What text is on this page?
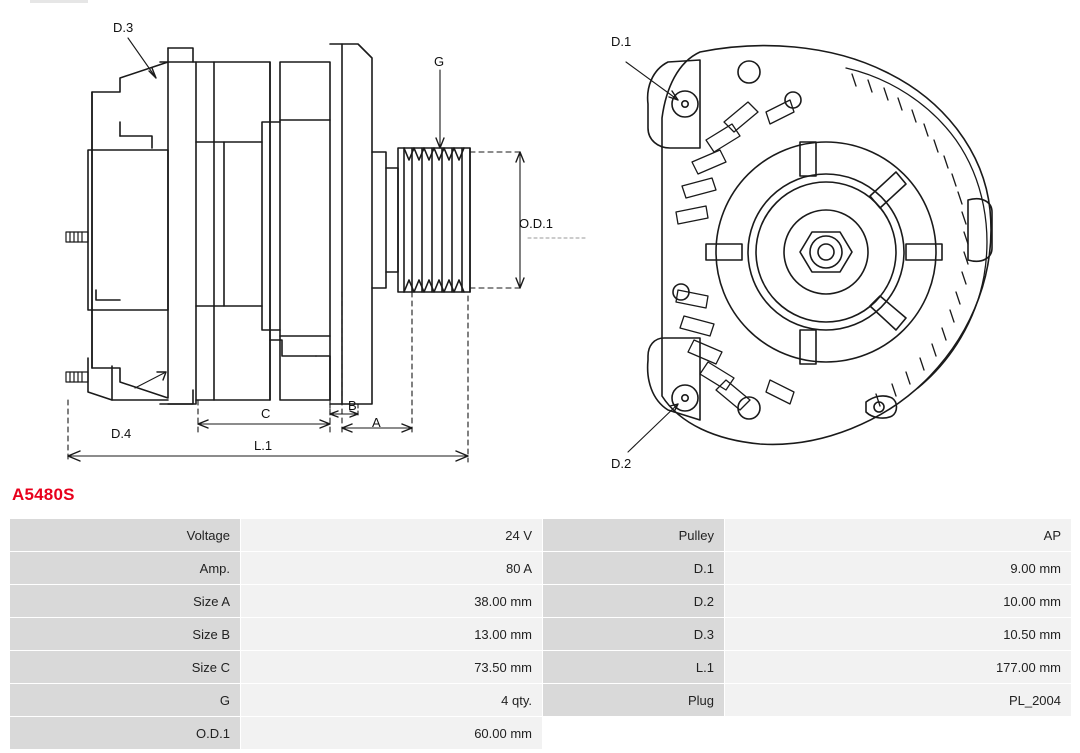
D.3
G
O.D.1
D.4
C
B
A
L.1
D.1
D.2
A5480S
Voltage	24 V	Pulley	AP
Amp.	80 A	D.1	9.00 mm
Size A	38.00 mm	D.2	10.00 mm
Size B	13.00 mm	D.3	10.50 mm
Size C	73.50 mm	L.1	177.00 mm
G	4 qty.	Plug	PL_2004
O.D.1	60.00 mm		
